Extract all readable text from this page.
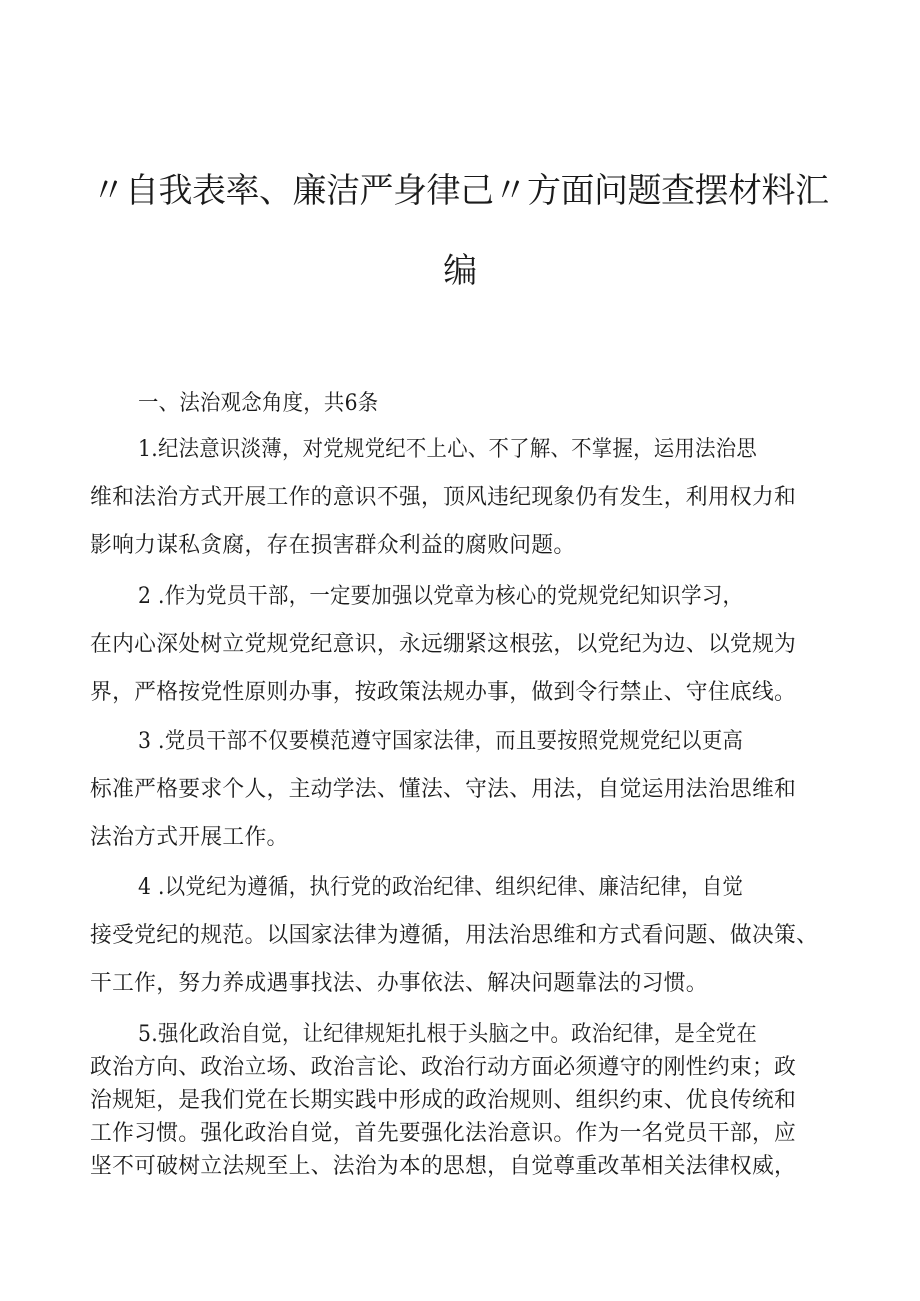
〃自我表率、廉洁严身律己〃方面问题查摆材料汇
编
一、法治观念角度，共6条
1.纪法意识淡薄，对党规党纪不上心、不了解、不掌握，运用法治思
维和法治方式开展工作的意识不强，顶风违纪现象仍有发生，利用权力和
影响力谋私贪腐，存在损害群众利益的腐败问题。
2 .作为党员干部，一定要加强以党章为核心的党规党纪知识学习，
在内心深处树立党规党纪意识，永远绷紧这根弦，以党纪为边、以党规为
界，严格按党性原则办事，按政策法规办事，做到令行禁止、守住底线。
3 .党员干部不仅要模范遵守国家法律，而且要按照党规党纪以更高
标准严格要求个人，主动学法、懂法、守法、用法，自觉运用法治思维和
法治方式开展工作。
4 .以党纪为遵循，执行党的政治纪律、组织纪律、廉洁纪律，自觉
接受党纪的规范。以国家法律为遵循，用法治思维和方式看问题、做决策、
干工作，努力养成遇事找法、办事依法、解决问题靠法的习惯。
5.强化政治自觉，让纪律规矩扎根于头脑之中。政治纪律，是全党在
政治方向、政治立场、政治言论、政治行动方面必须遵守的刚性约束；政
治规矩，是我们党在长期实践中形成的政治规则、组织约束、优良传统和
工作习惯。强化政治自觉，首先要强化法治意识。作为一名党员干部，应
坚不可破树立法规至上、法治为本的思想，自觉尊重改革相关法律权威，
